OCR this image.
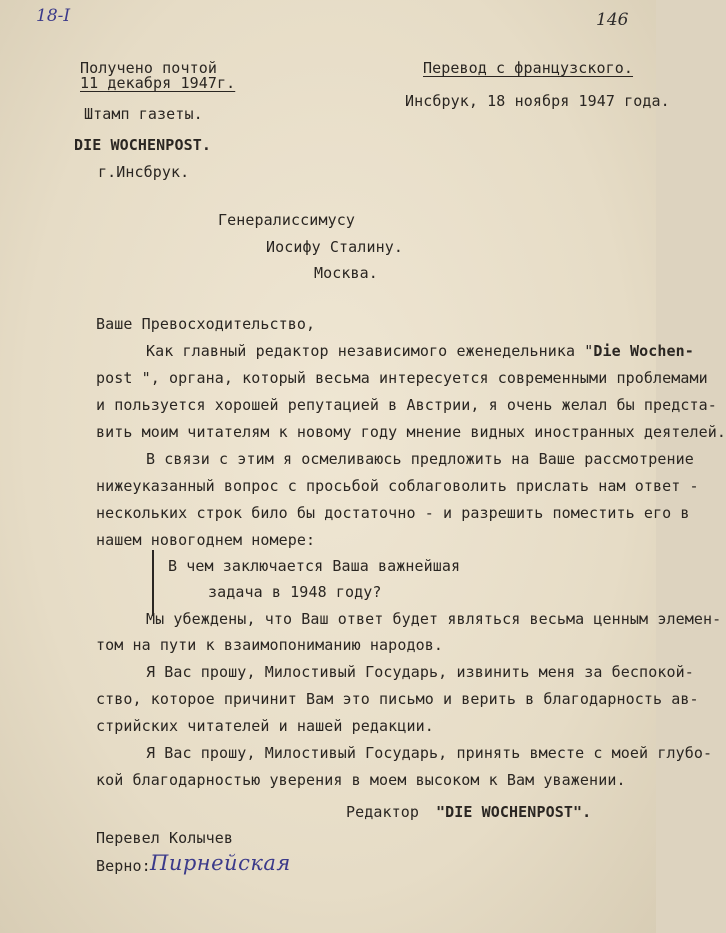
18-I	146
Получено почтой
11 декабря 1947г.
Штамп газеты.
DIE WOCHENPOST.
г.Инсбрук.
Перевод с французского.
Инсбрук, 18 ноября 1947 года.
Генералиссимусу
Иосифу Сталину.
Москва.
Ваше Превосходительство,
Как главный редактор независимого еженедельника "Die Wochen-
post ", органа, который весьма интересуется современными проблемами
и пользуется хорошей репутацией в Австрии, я очень желал бы предста-
вить моим читателям к новому году мнение видных иностранных деятелей.
В связи с этим я осмеливаюсь предложить на Ваше рассмотрение
нижеуказанный вопрос с просьбой соблаговолить прислать нам ответ -
нескольких строк било бы достаточно - и разрешить поместить его в
нашем новогоднем номере:
В чем заключается Ваша важнейшая
задача в 1948 году?
Мы убеждены, что Ваш ответ будет являться весьма ценным элемен-
том на пути к взаимопониманию народов.
Я Вас прошу, Милостивый Государь, извинить меня за беспокой-
ство, которое причинит Вам это письмо и верить в благодарность ав-
стрийских читателей и нашей редакции.
Я Вас прошу, Милостивый Государь, принять вместе с моей глубо-
кой благодарностью уверения в моем высоком к Вам уважении.
Редактор "DIE WOCHENPOST".
Перевел Колычев
Верно: Пирнейская
